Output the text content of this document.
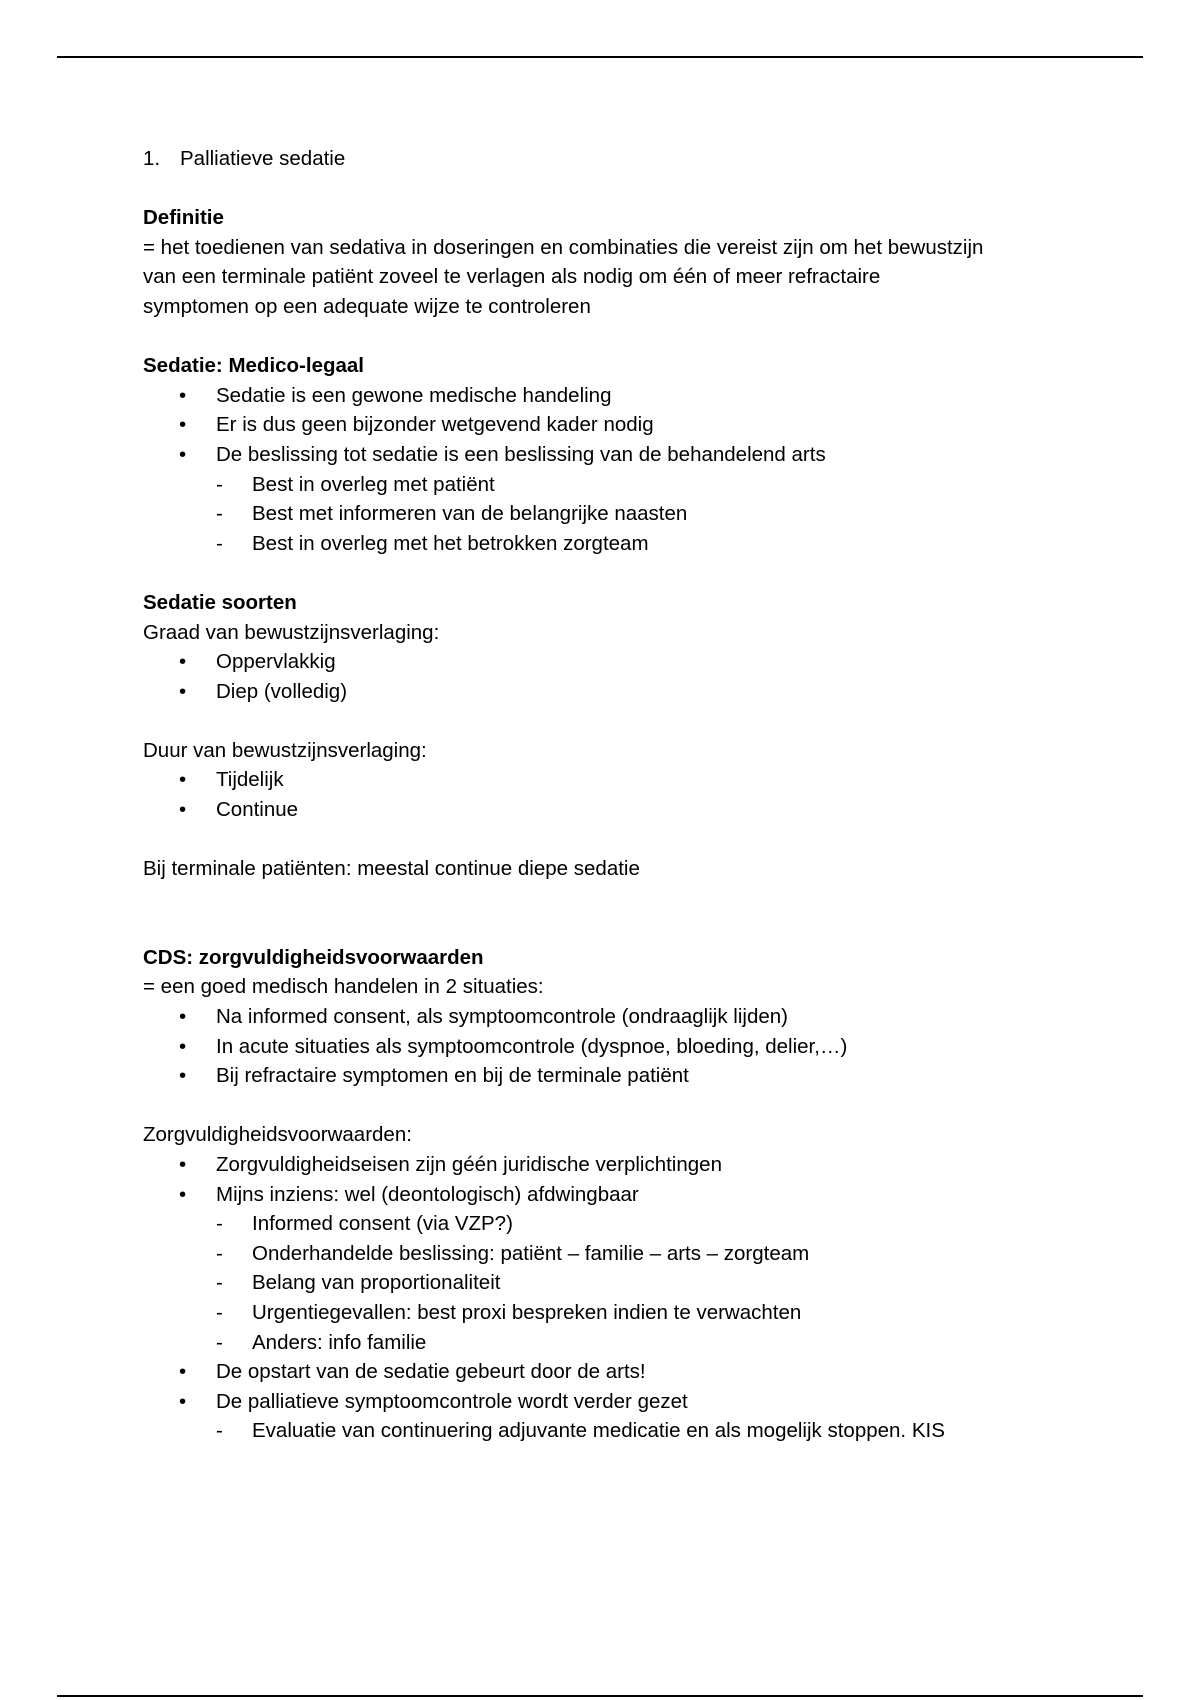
1. Palliatieve sedatie

Definitie

= het toedienen van sedativa in doseringen en combinaties die vereist zijn om het bewustzijn

van een terminale patiënt zoveel te verlagen als nodig om één of meer refractaire

symptomen op een adequate wijze te controleren

Sedatie: Medico-legaal

• Sedatie is een gewone medische handeling
• Er is dus geen bijzonder wetgevend kader nodig
• De beslissing tot sedatie is een beslissing van de behandelend arts
- Best in overleg met patiënt
- Best met informeren van de belangrijke naasten
- Best in overleg met het betrokken zorgteam

Sedatie soorten

Graad van bewustzijnsverlaging:

• Oppervlakkig
• Diep (volledig)

Duur van bewustzijnsverlaging:

• Tijdelijk
• Continue

Bij terminale patiënten: meestal continue diepe sedatie

CDS: zorgvuldigheidsvoorwaarden

= een goed medisch handelen in 2 situaties:

• Na informed consent, als symptoomcontrole (ondraaglijk lijden)
• In acute situaties als symptoomcontrole (dyspnoe, bloeding, delier,…)
• Bij refractaire symptomen en bij de terminale patiënt

Zorgvuldigheidsvoorwaarden:

• Zorgvuldigheidseisen zijn géén juridische verplichtingen
• Mijns inziens: wel (deontologisch) afdwingbaar
- Informed consent (via VZP?)
- Onderhandelde beslissing: patiënt – familie – arts – zorgteam
- Belang van proportionaliteit
- Urgentiegevallen: best proxi bespreken indien te verwachten
- Anders: info familie
• De opstart van de sedatie gebeurt door de arts!
• De palliatieve symptoomcontrole wordt verder gezet
- Evaluatie van continuering adjuvante medicatie en als mogelijk stoppen. KIS
